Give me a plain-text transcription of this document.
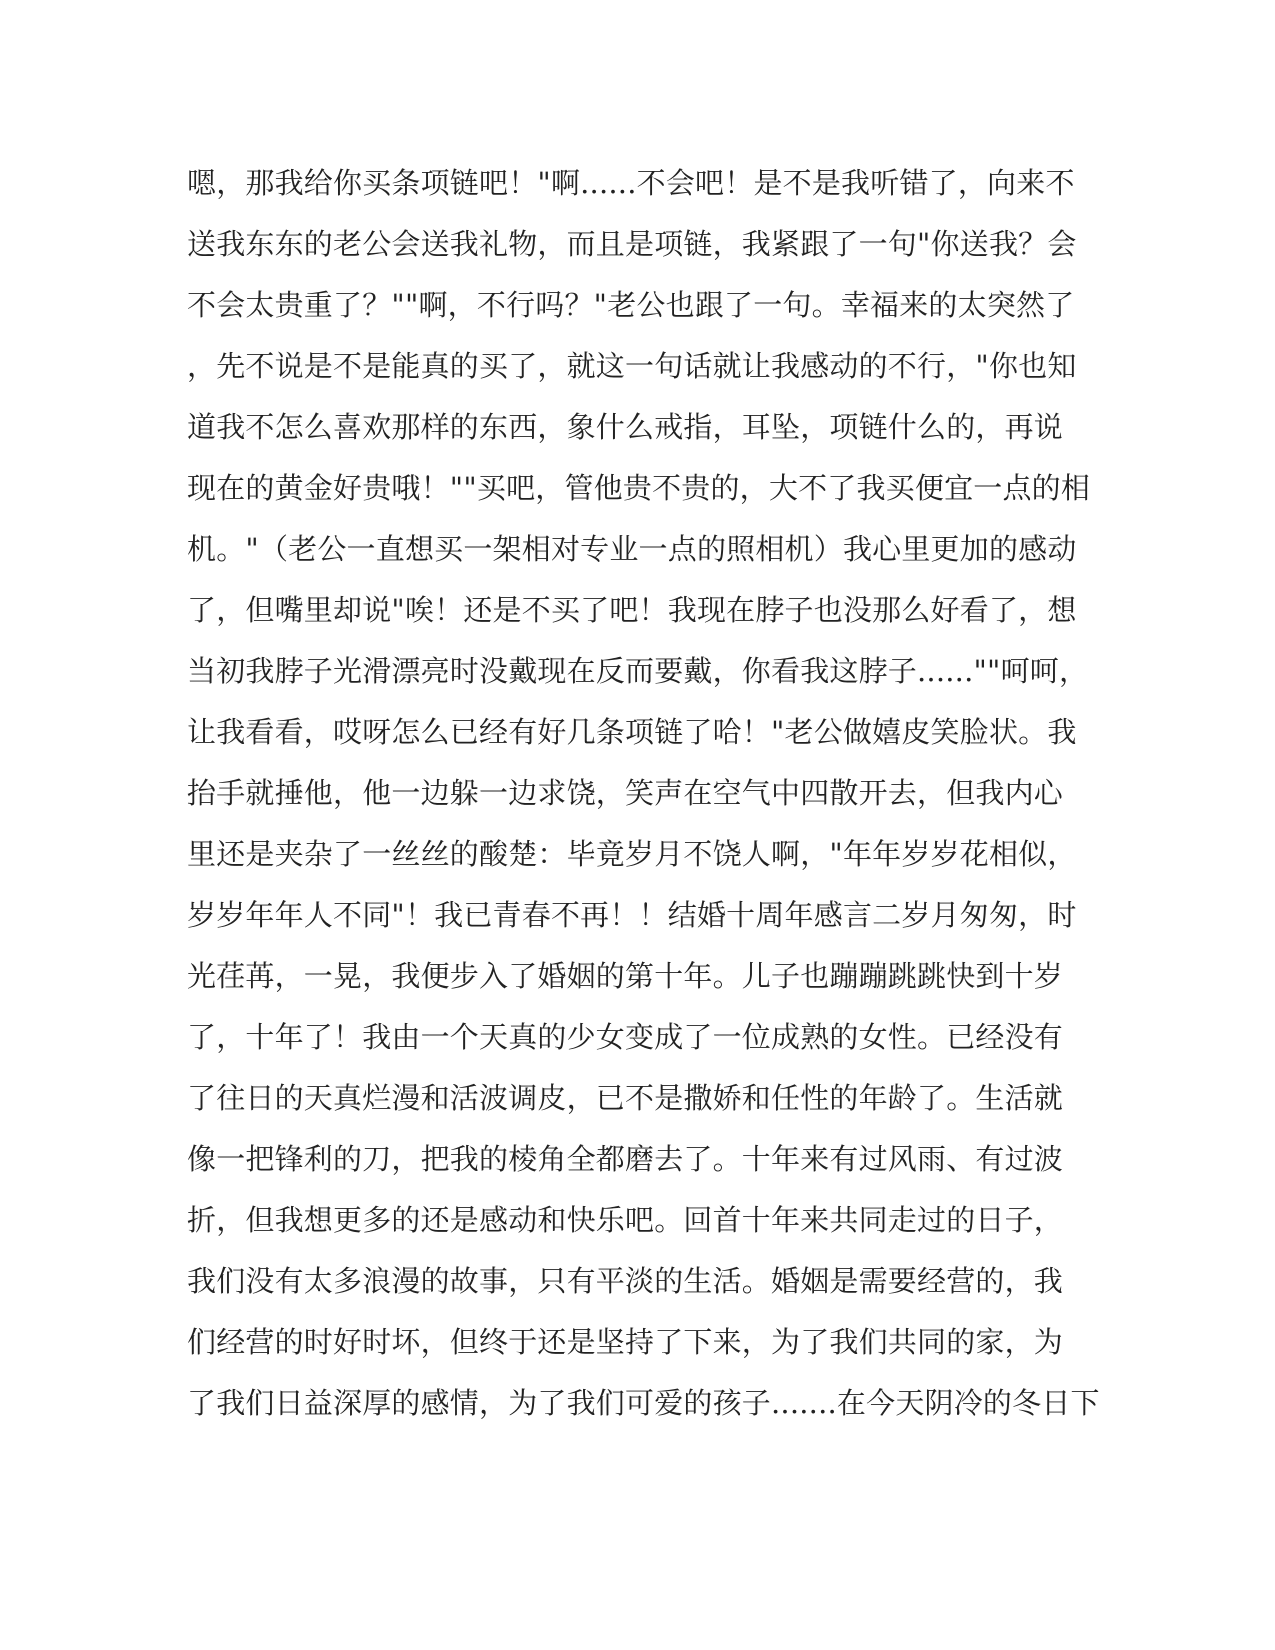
嗯，那我给你买条项链吧！"啊......不会吧！是不是我听错了，向来不
送我东东的老公会送我礼物，而且是项链，我紧跟了一句"你送我？会
不会太贵重了？""啊，不行吗？"老公也跟了一句。幸福来的太突然了
，先不说是不是能真的买了，就这一句话就让我感动的不行，"你也知
道我不怎么喜欢那样的东西，象什么戒指，耳坠，项链什么的，再说
现在的黄金好贵哦！""买吧，管他贵不贵的，大不了我买便宜一点的相
机。"（老公一直想买一架相对专业一点的照相机）我心里更加的感动
了，但嘴里却说"唉！还是不买了吧！我现在脖子也没那么好看了，想
当初我脖子光滑漂亮时没戴现在反而要戴，你看我这脖子......""呵呵，
让我看看，哎呀怎么已经有好几条项链了哈！"老公做嬉皮笑脸状。我
抬手就捶他，他一边躲一边求饶，笑声在空气中四散开去，但我内心
里还是夹杂了一丝丝的酸楚：毕竟岁月不饶人啊，"年年岁岁花相似，
岁岁年年人不同"！我已青春不再！！结婚十周年感言二岁月匆匆，时
光荏苒，一晃，我便步入了婚姻的第十年。儿子也蹦蹦跳跳快到十岁
了，十年了！我由一个天真的少女变成了一位成熟的女性。已经没有
了往日的天真烂漫和活波调皮，已不是撒娇和任性的年龄了。生活就
像一把锋利的刀，把我的棱角全都磨去了。十年来有过风雨、有过波
折，但我想更多的还是感动和快乐吧。回首十年来共同走过的日子，
我们没有太多浪漫的故事，只有平淡的生活。婚姻是需要经营的，我
们经营的时好时坏，但终于还是坚持了下来，为了我们共同的家，为
了我们日益深厚的感情，为了我们可爱的孩子.......在今天阴冷的冬日下
